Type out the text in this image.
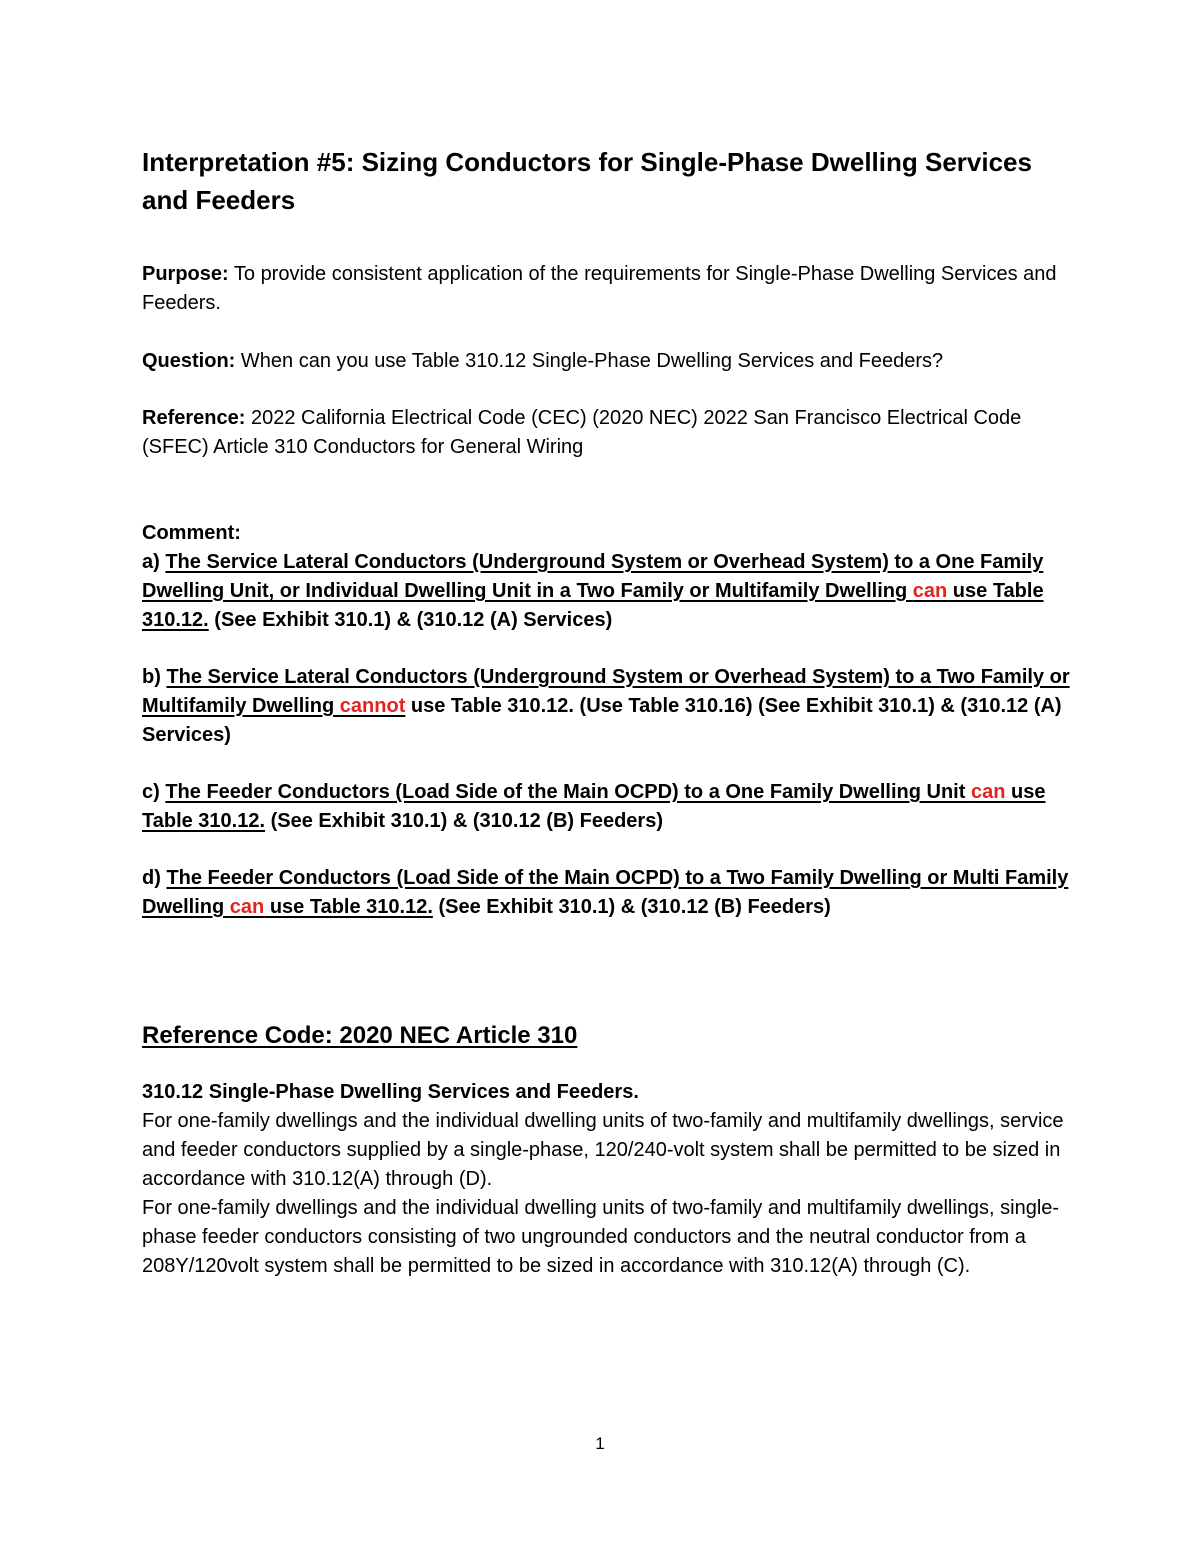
Interpretation #5: Sizing Conductors for Single-Phase Dwelling Services and Feeders

Purpose: To provide consistent application of the requirements for Single-Phase Dwelling Services and Feeders.

Question: When can you use Table 310.12 Single-Phase Dwelling Services and Feeders?

Reference: 2022 California Electrical Code (CEC) (2020 NEC) 2022 San Francisco Electrical Code (SFEC) Article 310 Conductors for General Wiring

Comment:

a) The Service Lateral Conductors (Underground System or Overhead System) to a One Family Dwelling Unit, or Individual Dwelling Unit in a Two Family or Multifamily Dwelling can use Table 310.12. (See Exhibit 310.1) & (310.12 (A) Services)

b) The Service Lateral Conductors (Underground System or Overhead System) to a Two Family or Multifamily Dwelling cannot use Table 310.12. (Use Table 310.16) (See Exhibit 310.1) & (310.12 (A) Services)

c) The Feeder Conductors (Load Side of the Main OCPD) to a One Family Dwelling Unit can use Table 310.12. (See Exhibit 310.1) & (310.12 (B) Feeders)

d) The Feeder Conductors (Load Side of the Main OCPD) to a Two Family Dwelling or Multi Family Dwelling can use Table 310.12. (See Exhibit 310.1) & (310.12 (B) Feeders)

Reference Code: 2020 NEC Article 310

310.12 Single-Phase Dwelling Services and Feeders.

For one-family dwellings and the individual dwelling units of two-family and multifamily dwellings, service and feeder conductors supplied by a single-phase, 120/240-volt system shall be permitted to be sized in accordance with 310.12(A) through (D).

For one-family dwellings and the individual dwelling units of two-family and multifamily dwellings, single-phase feeder conductors consisting of two ungrounded conductors and the neutral conductor from a 208Y/120volt system shall be permitted to be sized in accordance with 310.12(A) through (C).

1
